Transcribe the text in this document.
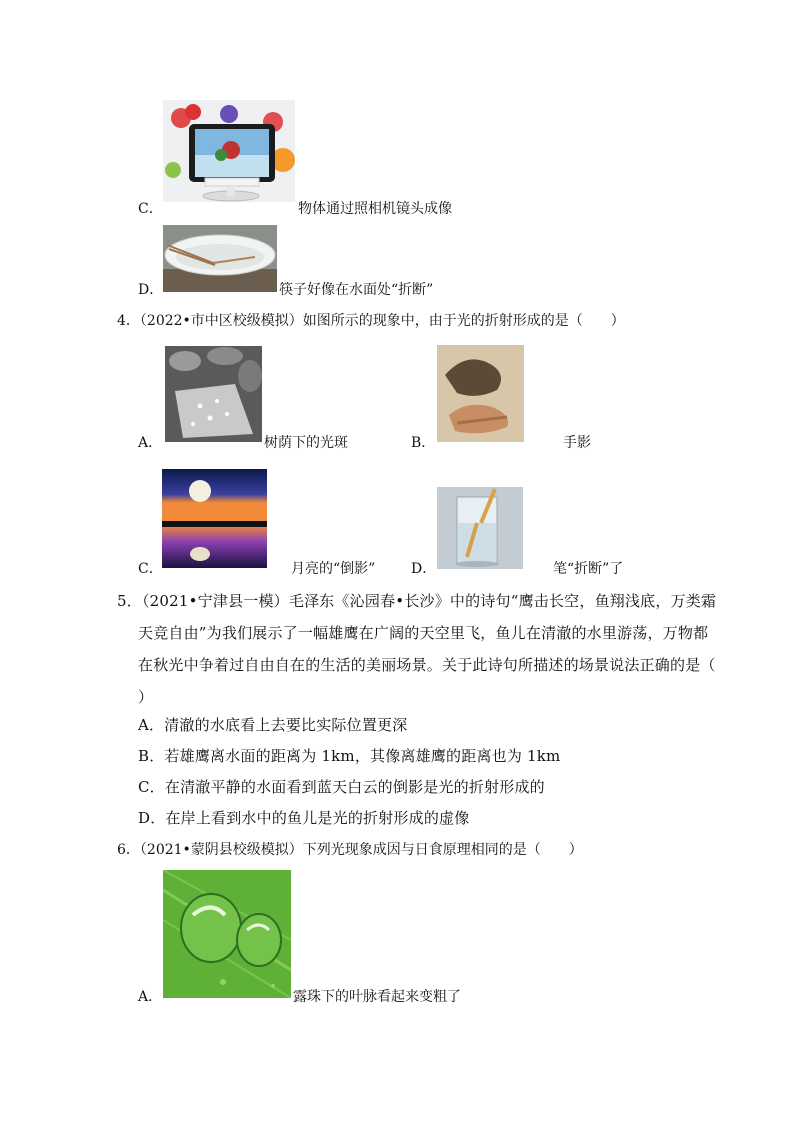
C．	物体通过照相机镜头成像
D．	筷子好像在水面处“折断”
4．（2022•市中区校级模拟）如图所示的现象中，由于光的折射形成的是（　　）
A．	树荫下的光斑	B．	手影
C．	月亮的“倒影”	D．	笔“折断”了
5．（2021•宁津县一模）毛泽东《沁园春•长沙》中的诗句“鹰击长空，鱼翔浅底，万类霜
天竞自由”为我们展示了一幅雄鹰在广阔的天空里飞，鱼儿在清澈的水里游荡，万物都
在秋光中争着过自由自在的生活的美丽场景。关于此诗句所描述的场景说法正确的是（
）
A．清澈的水底看上去要比实际位置更深
B．若雄鹰离水面的距离为 1km，其像离雄鹰的距离也为 1km
C．在清澈平静的水面看到蓝天白云的倒影是光的折射形成的
D．在岸上看到水中的鱼儿是光的折射形成的虚像
6．（2021•蒙阴县校级模拟）下列光现象成因与日食原理相同的是（　　）
A．	露珠下的叶脉看起来变粗了
